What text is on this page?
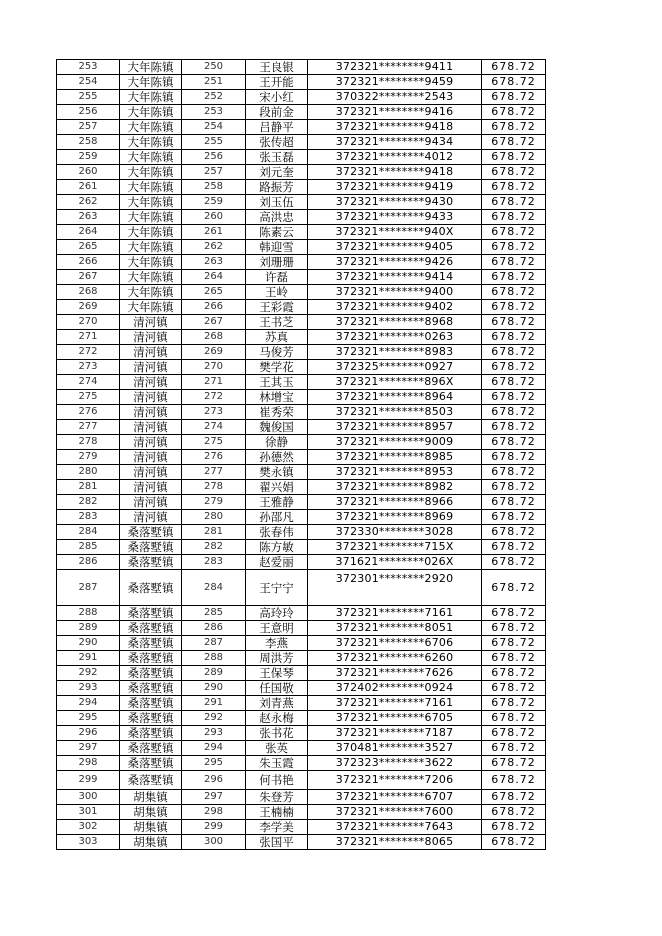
253	大年陈镇	250	王良银	372321********9411	678.72
254	大年陈镇	251	王开能	372321********9459	678.72
255	大年陈镇	252	宋小红	370322********2543	678.72
256	大年陈镇	253	段前金	372321********9416	678.72
257	大年陈镇	254	吕静平	372321********9418	678.72
258	大年陈镇	255	张传超	372321********9434	678.72
259	大年陈镇	256	张玉磊	372321********4012	678.72
260	大年陈镇	257	刘元奎	372321********9418	678.72
261	大年陈镇	258	路振芳	372321********9419	678.72
262	大年陈镇	259	刘玉伍	372321********9430	678.72
263	大年陈镇	260	高洪忠	372321********9433	678.72
264	大年陈镇	261	陈素云	372321********940X	678.72
265	大年陈镇	262	韩迎雪	372321********9405	678.72
266	大年陈镇	263	刘珊珊	372321********9426	678.72
267	大年陈镇	264	许磊	372321********9414	678.72
268	大年陈镇	265	王岭	372321********9400	678.72
269	大年陈镇	266	王彩霞	372321********9402	678.72
270	清河镇	267	王书芝	372321********8968	678.72
271	清河镇	268	苏真	372321********0263	678.72
272	清河镇	269	马俊芳	372321********8983	678.72
273	清河镇	270	樊学花	372325********0927	678.72
274	清河镇	271	王其玉	372321********896X	678.72
275	清河镇	272	林增宝	372321********8964	678.72
276	清河镇	273	崔秀荣	372321********8503	678.72
277	清河镇	274	魏俊国	372321********8957	678.72
278	清河镇	275	徐静	372321********9009	678.72
279	清河镇	276	孙德然	372321********8985	678.72
280	清河镇	277	樊永镇	372321********8953	678.72
281	清河镇	278	翟兴娟	372321********8982	678.72
282	清河镇	279	王雅静	372321********8966	678.72
283	清河镇	280	孙邵凡	372321********8969	678.72
284	桑落墅镇	281	张春伟	372330********3028	678.72
285	桑落墅镇	282	陈方敏	372321********715X	678.72
286	桑落墅镇	283	赵爱丽	371621********026X	678.72
287	桑落墅镇	284	王宁宁	372301********2920	678.72
288	桑落墅镇	285	高玲玲	372321********7161	678.72
289	桑落墅镇	286	王意明	372321********8051	678.72
290	桑落墅镇	287	李燕	372321********6706	678.72
291	桑落墅镇	288	周洪芳	372321********6260	678.72
292	桑落墅镇	289	王保琴	372321********7626	678.72
293	桑落墅镇	290	任国敬	372402********0924	678.72
294	桑落墅镇	291	刘青燕	372321********7161	678.72
295	桑落墅镇	292	赵永梅	372321********6705	678.72
296	桑落墅镇	293	张书花	372321********7187	678.72
297	桑落墅镇	294	张英	370481********3527	678.72
298	桑落墅镇	295	朱玉霞	372323********3622	678.72
299	桑落墅镇	296	何书艳	372321********7206	678.72
300	胡集镇	297	朱登芳	372321********6707	678.72
301	胡集镇	298	王楠楠	372321********7600	678.72
302	胡集镇	299	李学美	372321********7643	678.72
303	胡集镇	300	张国平	372321********8065	678.72
